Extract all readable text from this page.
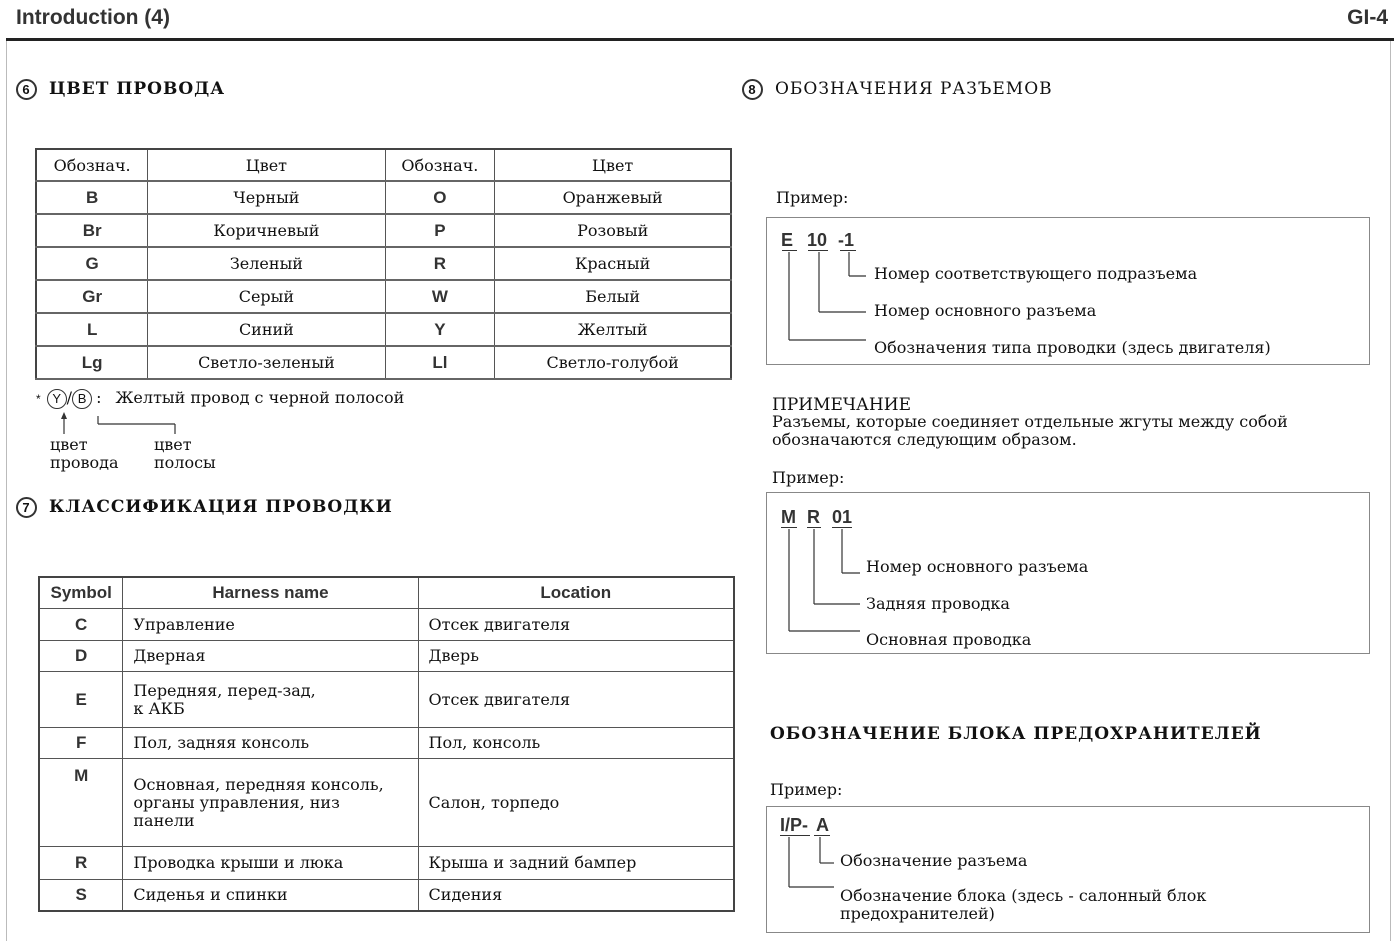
Introduction (4)	GI-4
6 ЦВЕТ ПРОВОДА
Обознач.	Цвет	Обознач.	Цвет
B	Черный	O	Оранжевый
Br	Коричневый	P	Розовый
G	Зеленый	R	Красный
Gr	Серый	W	Белый
L	Синий	Y	Желтый
Lg	Светло-зеленый	Ll	Светло-голубой
* Y / B : Желтый провод с черной полосой
цвет
провода
цвет
полосы
7 КЛАССИФИКАЦИЯ ПРОВОДКИ
Symbol	Harness name	Location
C	Управление	Отсек двигателя
D	Дверная	Дверь
E	Передняя, перед-зад,
к АКБ	Отсек двигателя
F	Пол, задняя консоль	Пол, консоль
M	Основная, передняя консоль,
органы управления, низ
панели	Салон, торпедо
R	Проводка крыши и люка	Крыша и задний бампер
S	Сиденья и спинки	Сидения
8 ОБОЗНАЧЕНИЯ РАЗЪЕМОВ
Пример:
E 10 -1
Номер соответствующего подразъема
Номер основного разъема
Обозначения типа проводки (здесь двигателя)
ПРИМЕЧАНИЕ
Разъемы, которые соединяет отдельные жгуты между собой
обозначаются следующим образом.
Пример:
M R 01
Номер основного разъема
Задняя проводка
Основная проводка
ОБОЗНАЧЕНИЕ БЛОКА ПРЕДОХРАНИТЕЛЕЙ
Пример:
I/P- A
Обозначение разъема
Обозначение блока (здесь - салонный блок
предохранителей)
